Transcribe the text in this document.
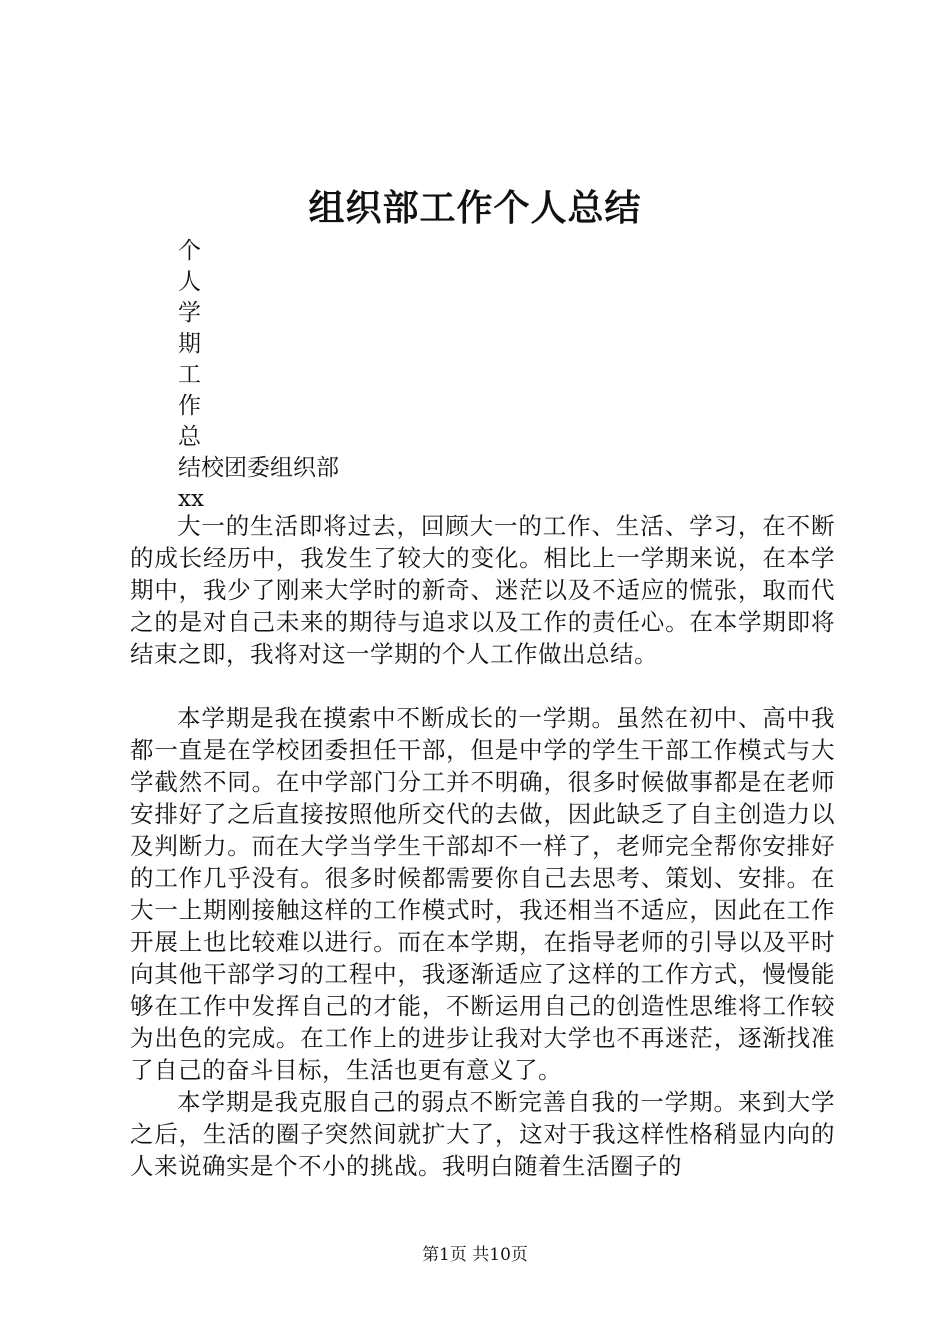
组织部工作个人总结
个
人
学
期
工
作
总
结校团委组织部
xx

大一的生活即将过去，回顾大一的工作、生活、学习，在不断的成长经历中，我发生了较大的变化。相比上一学期来说，在本学期中，我少了刚来大学时的新奇、迷茫以及不适应的慌张，取而代之的是对自己未来的期待与追求以及工作的责任心。在本学期即将结束之即，我将对这一学期的个人工作做出总结。

本学期是我在摸索中不断成长的一学期。虽然在初中、高中我都一直是在学校团委担任干部，但是中学的学生干部工作模式与大学截然不同。在中学部门分工并不明确，很多时候做事都是在老师安排好了之后直接按照他所交代的去做，因此缺乏了自主创造力以及判断力。而在大学当学生干部却不一样了，老师完全帮你安排好的工作几乎没有。很多时候都需要你自己去思考、策划、安排。在大一上期刚接触这样的工作模式时，我还相当不适应，因此在工作开展上也比较难以进行。而在本学期，在指导老师的引导以及平时向其他干部学习的工程中，我逐渐适应了这样的工作方式，慢慢能够在工作中发挥自己的才能，不断运用自己的创造性思维将工作较为出色的完成。在工作上的进步让我对大学也不再迷茫，逐渐找准了自己的奋斗目标，生活也更有意义了。

本学期是我克服自己的弱点不断完善自我的一学期。来到大学之后，生活的圈子突然间就扩大了，这对于我这样性格稍显内向的人来说确实是个不小的挑战。我明白随着生活圈子的

第1页 共10页
